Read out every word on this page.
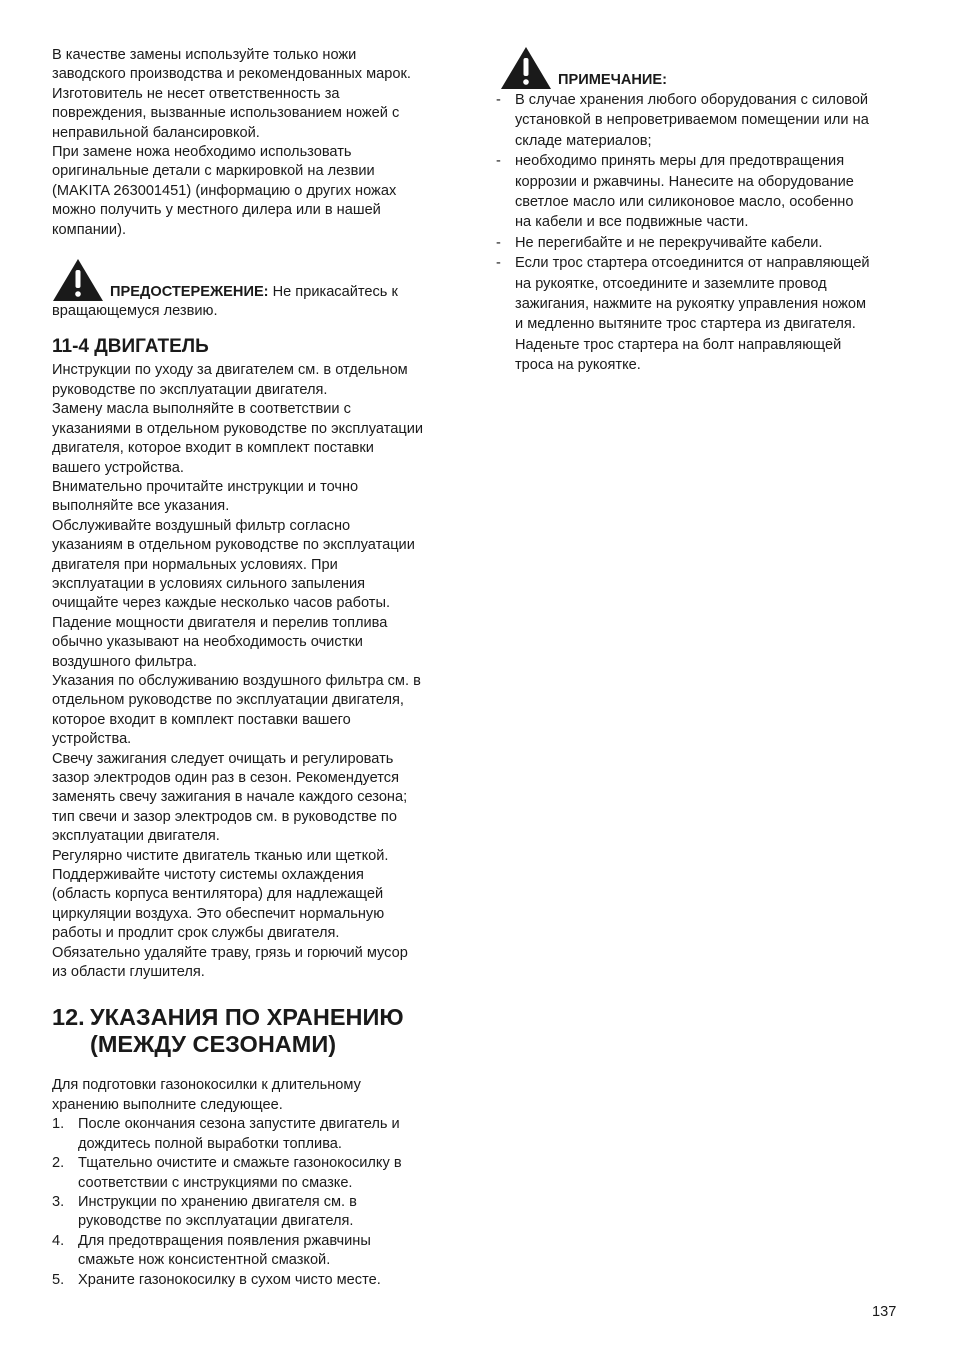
В качестве замены используйте только ножи

заводского производства и рекомендованных марок.

Изготовитель не несет ответственность за

повреждения, вызванные использованием ножей с

неправильной балансировкой.

При замене ножа необходимо использовать

оригинальные детали с маркировкой на лезвии

(MAKITA 263001451) (информацию о других ножах

можно получить у местного дилера или в нашей

компании).

ПРЕДОСТЕРЕЖЕНИЕ: Не прикасайтесь к

вращающемуся лезвию.

11-4 ДВИГАТЕЛЬ

Инструкции по уходу за двигателем см. в отдельном

руководстве по эксплуатации двигателя.

Замену масла выполняйте в соответствии с

указаниями в отдельном руководстве по эксплуатации

двигателя, которое входит в комплект поставки

вашего устройства.

Внимательно прочитайте инструкции и точно

выполняйте все указания.

Обслуживайте воздушный фильтр согласно

указаниям в отдельном руководстве по эксплуатации

двигателя при нормальных условиях. При

эксплуатации в условиях сильного запыления

очищайте через каждые несколько часов работы.

Падение мощности двигателя и перелив топлива

обычно указывают на необходимость очистки

воздушного фильтра.

Указания по обслуживанию воздушного фильтра см. в

отдельном руководстве по эксплуатации двигателя,

которое входит в комплект поставки вашего

устройства.

Свечу зажигания следует очищать и регулировать

зазор электродов один раз в сезон. Рекомендуется

заменять свечу зажигания в начале каждого сезона;

тип свечи и зазор электродов см. в руководстве по

эксплуатации двигателя.

Регулярно чистите двигатель тканью или щеткой.

Поддерживайте чистоту системы охлаждения

(область корпуса вентилятора) для надлежащей

циркуляции воздуха. Это обеспечит нормальную

работы и продлит срок службы двигателя.

Обязательно удаляйте траву, грязь и горючий мусор

из области глушителя.

12. УКАЗАНИЯ ПО ХРАНЕНИЮ
(МЕЖДУ СЕЗОНАМИ)

Для подготовки газонокосилки к длительному

хранению выполните следующее.

1. После окончания сезона запустите двигатель и
дождитесь полной выработки топлива.
2. Тщательно очистите и смажьте газонокосилку в
соответствии с инструкциями по смазке.
3. Инструкции по хранению двигателя см. в
руководстве по эксплуатации двигателя.
4. Для предотвращения появления ржавчины
смажьте нож консистентной смазкой.
5. Храните газонокосилку в сухом чисто месте.
ПРИМЕЧАНИЕ:
- В случае хранения любого оборудования с силовой
установкой в непроветриваемом помещении или на
складе материалов;
- необходимо принять меры для предотвращения
коррозии и ржавчины. Нанесите на оборудование
светлое масло или силиконовое масло, особенно
на кабели и все подвижные части.
- Не перегибайте и не перекручивайте кабели.
- Если трос стартера отсоединится от направляющей
на рукоятке, отсоедините и заземлите провод
зажигания, нажмите на рукоятку управления ножом
и медленно вытяните трос стартера из двигателя.
Наденьте трос стартера на болт направляющей
троса на рукоятке.
137
